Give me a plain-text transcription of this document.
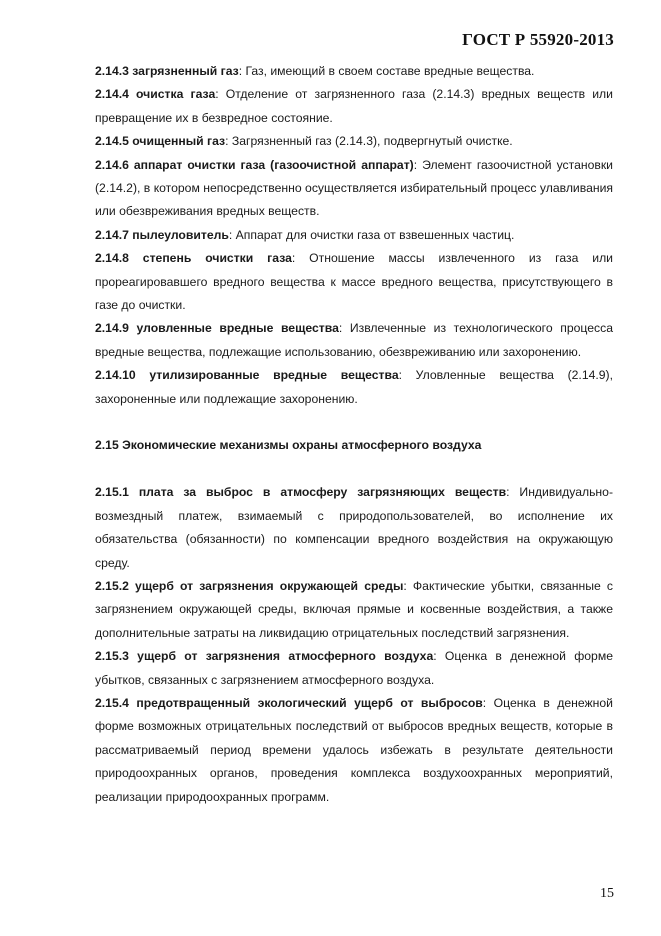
ГОСТ Р 55920-2013

2.14.3 загрязненный газ: Газ, имеющий в своем составе вредные вещества.

2.14.4 очистка газа: Отделение от загрязненного газа (2.14.3) вредных веществ или превращение их в безвредное состояние.

2.14.5 очищенный газ: Загрязненный газ (2.14.3), подвергнутый очистке.

2.14.6 аппарат очистки газа (газоочистной аппарат): Элемент газоочистной установки (2.14.2), в котором непосредственно осуществляется избирательный процесс улавливания или обезвреживания вредных веществ.

2.14.7 пылеуловитель: Аппарат для очистки газа от взвешенных частиц.

2.14.8 степень очистки газа: Отношение массы извлеченного из газа или прореагировавшего вредного вещества к массе вредного вещества, присутствующего в газе до очистки.

2.14.9 уловленные вредные вещества: Извлеченные из технологического процесса вредные вещества, подлежащие использованию, обезвреживанию или захоронению.

2.14.10 утилизированные вредные вещества: Уловленные вещества (2.14.9), захороненные или подлежащие захоронению.

2.15 Экономические механизмы охраны атмосферного воздуха

2.15.1 плата за выброс в атмосферу загрязняющих веществ: Индивидуально-возмездный платеж, взимаемый с природопользователей, во исполнение их обязательства (обязанности) по компенсации вредного воздействия на окружающую среду.

2.15.2 ущерб от загрязнения окружающей среды: Фактические убытки, связанные с загрязнением окружающей среды, включая прямые и косвенные воздействия, а также дополнительные затраты на ликвидацию отрицательных последствий загрязнения.

2.15.3 ущерб от загрязнения атмосферного воздуха: Оценка в денежной форме убытков, связанных с загрязнением атмосферного воздуха.

2.15.4 предотвращенный экологический ущерб от выбросов: Оценка в денежной форме возможных отрицательных последствий от выбросов вредных веществ, которые в рассматриваемый период времени удалось избежать в результате деятельности природоохранных органов, проведения комплекса воздухоохранных мероприятий, реализации природоохранных программ.

15
